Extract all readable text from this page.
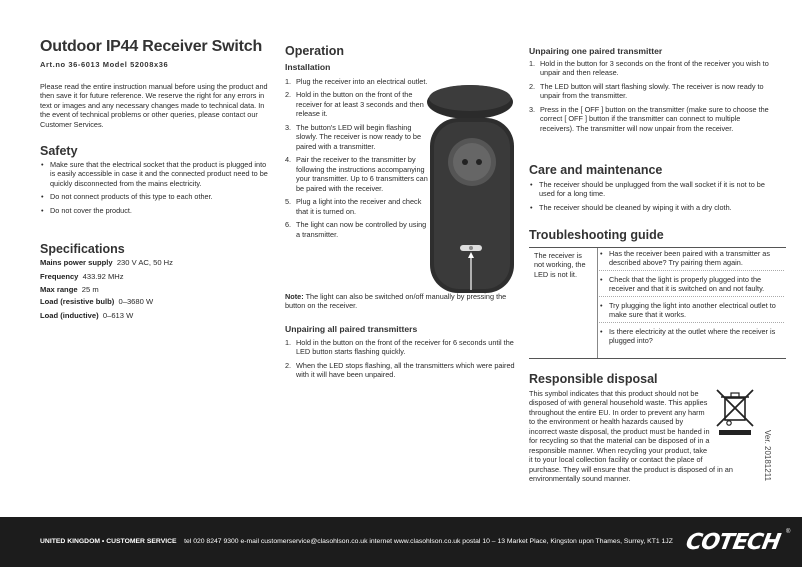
Outdoor IP44 Receiver Switch
Art.no 36-6013 Model 52008x36
Please read the entire instruction manual before using the product and then save it for future reference. We reserve the right for any errors in text or images and any necessary changes made to technical data. In the event of technical problems or other queries, please contact our Customer Services.
Safety
• Make sure that the electrical socket that the product is plugged into is easily accessible in case it and the connected product need to be quickly disconnected from the mains electricity.
• Do not connect products of this type to each other.
• Do not cover the product.
Specifications
Mains power supply 230 V AC, 50 Hz
Frequency 433.92 MHz
Max range 25 m
Load (resistive bulb) 0–3680 W
Load (inductive) 0–613 W
Operation
Installation
1. Plug the receiver into an electrical outlet.
2. Hold in the button on the front of the receiver for at least 3 seconds and then release it.
3. The button's LED will begin flashing slowly. The receiver is now ready to be paired with a transmitter.
4. Pair the receiver to the transmitter by following the instructions accompanying your transmitter. Up to 6 transmitters can be paired with the receiver.
5. Plug a light into the receiver and check that it is turned on.
6. The light can now be controlled by using a transmitter.
Note: The light can also be switched on/off manually by pressing the button on the receiver.
Unpairing all paired transmitters
1. Hold in the button on the front of the receiver for 6 seconds until the LED button starts flashing quickly.
2. When the LED stops flashing, all the transmitters which were paired with it will have been unpaired.
Unpairing one paired transmitter
1. Hold in the button for 3 seconds on the front of the receiver you wish to unpair and then release.
2. The LED button will start flashing slowly. The receiver is now ready to unpair from the transmitter.
3. Press in the [ OFF ] button on the transmitter (make sure to choose the correct [ OFF ] button if the transmitter can connect to multiple receivers). The transmitter will now unpair from the receiver.
Care and maintenance
• The receiver should be unplugged from the wall socket if it is not to be used for a long time.
• The receiver should be cleaned by wiping it with a dry cloth.
Troubleshooting guide
The receiver is not working, the LED is not lit.
• Has the receiver been paired with a transmitter as described above? Try pairing them again.
• Check that the light is properly plugged into the receiver and that it is switched on and not faulty.
• Try plugging the light into another electrical outlet to make sure that it works.
• Is there electricity at the outlet where the receiver is plugged into?
Responsible disposal
This symbol indicates that this product should not be disposed of with general household waste. This applies throughout the entire EU. In order to prevent any harm to the environment or health hazards caused by incorrect waste disposal, the product must be handed in for recycling so that the material can be disposed of in a responsible manner. When recycling your product, take it to your local collection facility or contact the place of purchase. They will ensure that the product is disposed of in an environmentally sound manner.	Ver. 20181211
UNITED KINGDOM • CUSTOMER SERVICE tel 020 8247 9300 e-mail customerservice@clasohlson.co.uk internet www.clasohlson.co.uk postal 10 – 13 Market Place, Kingston upon Thames, Surrey, KT1 1JZ COTECH ®
